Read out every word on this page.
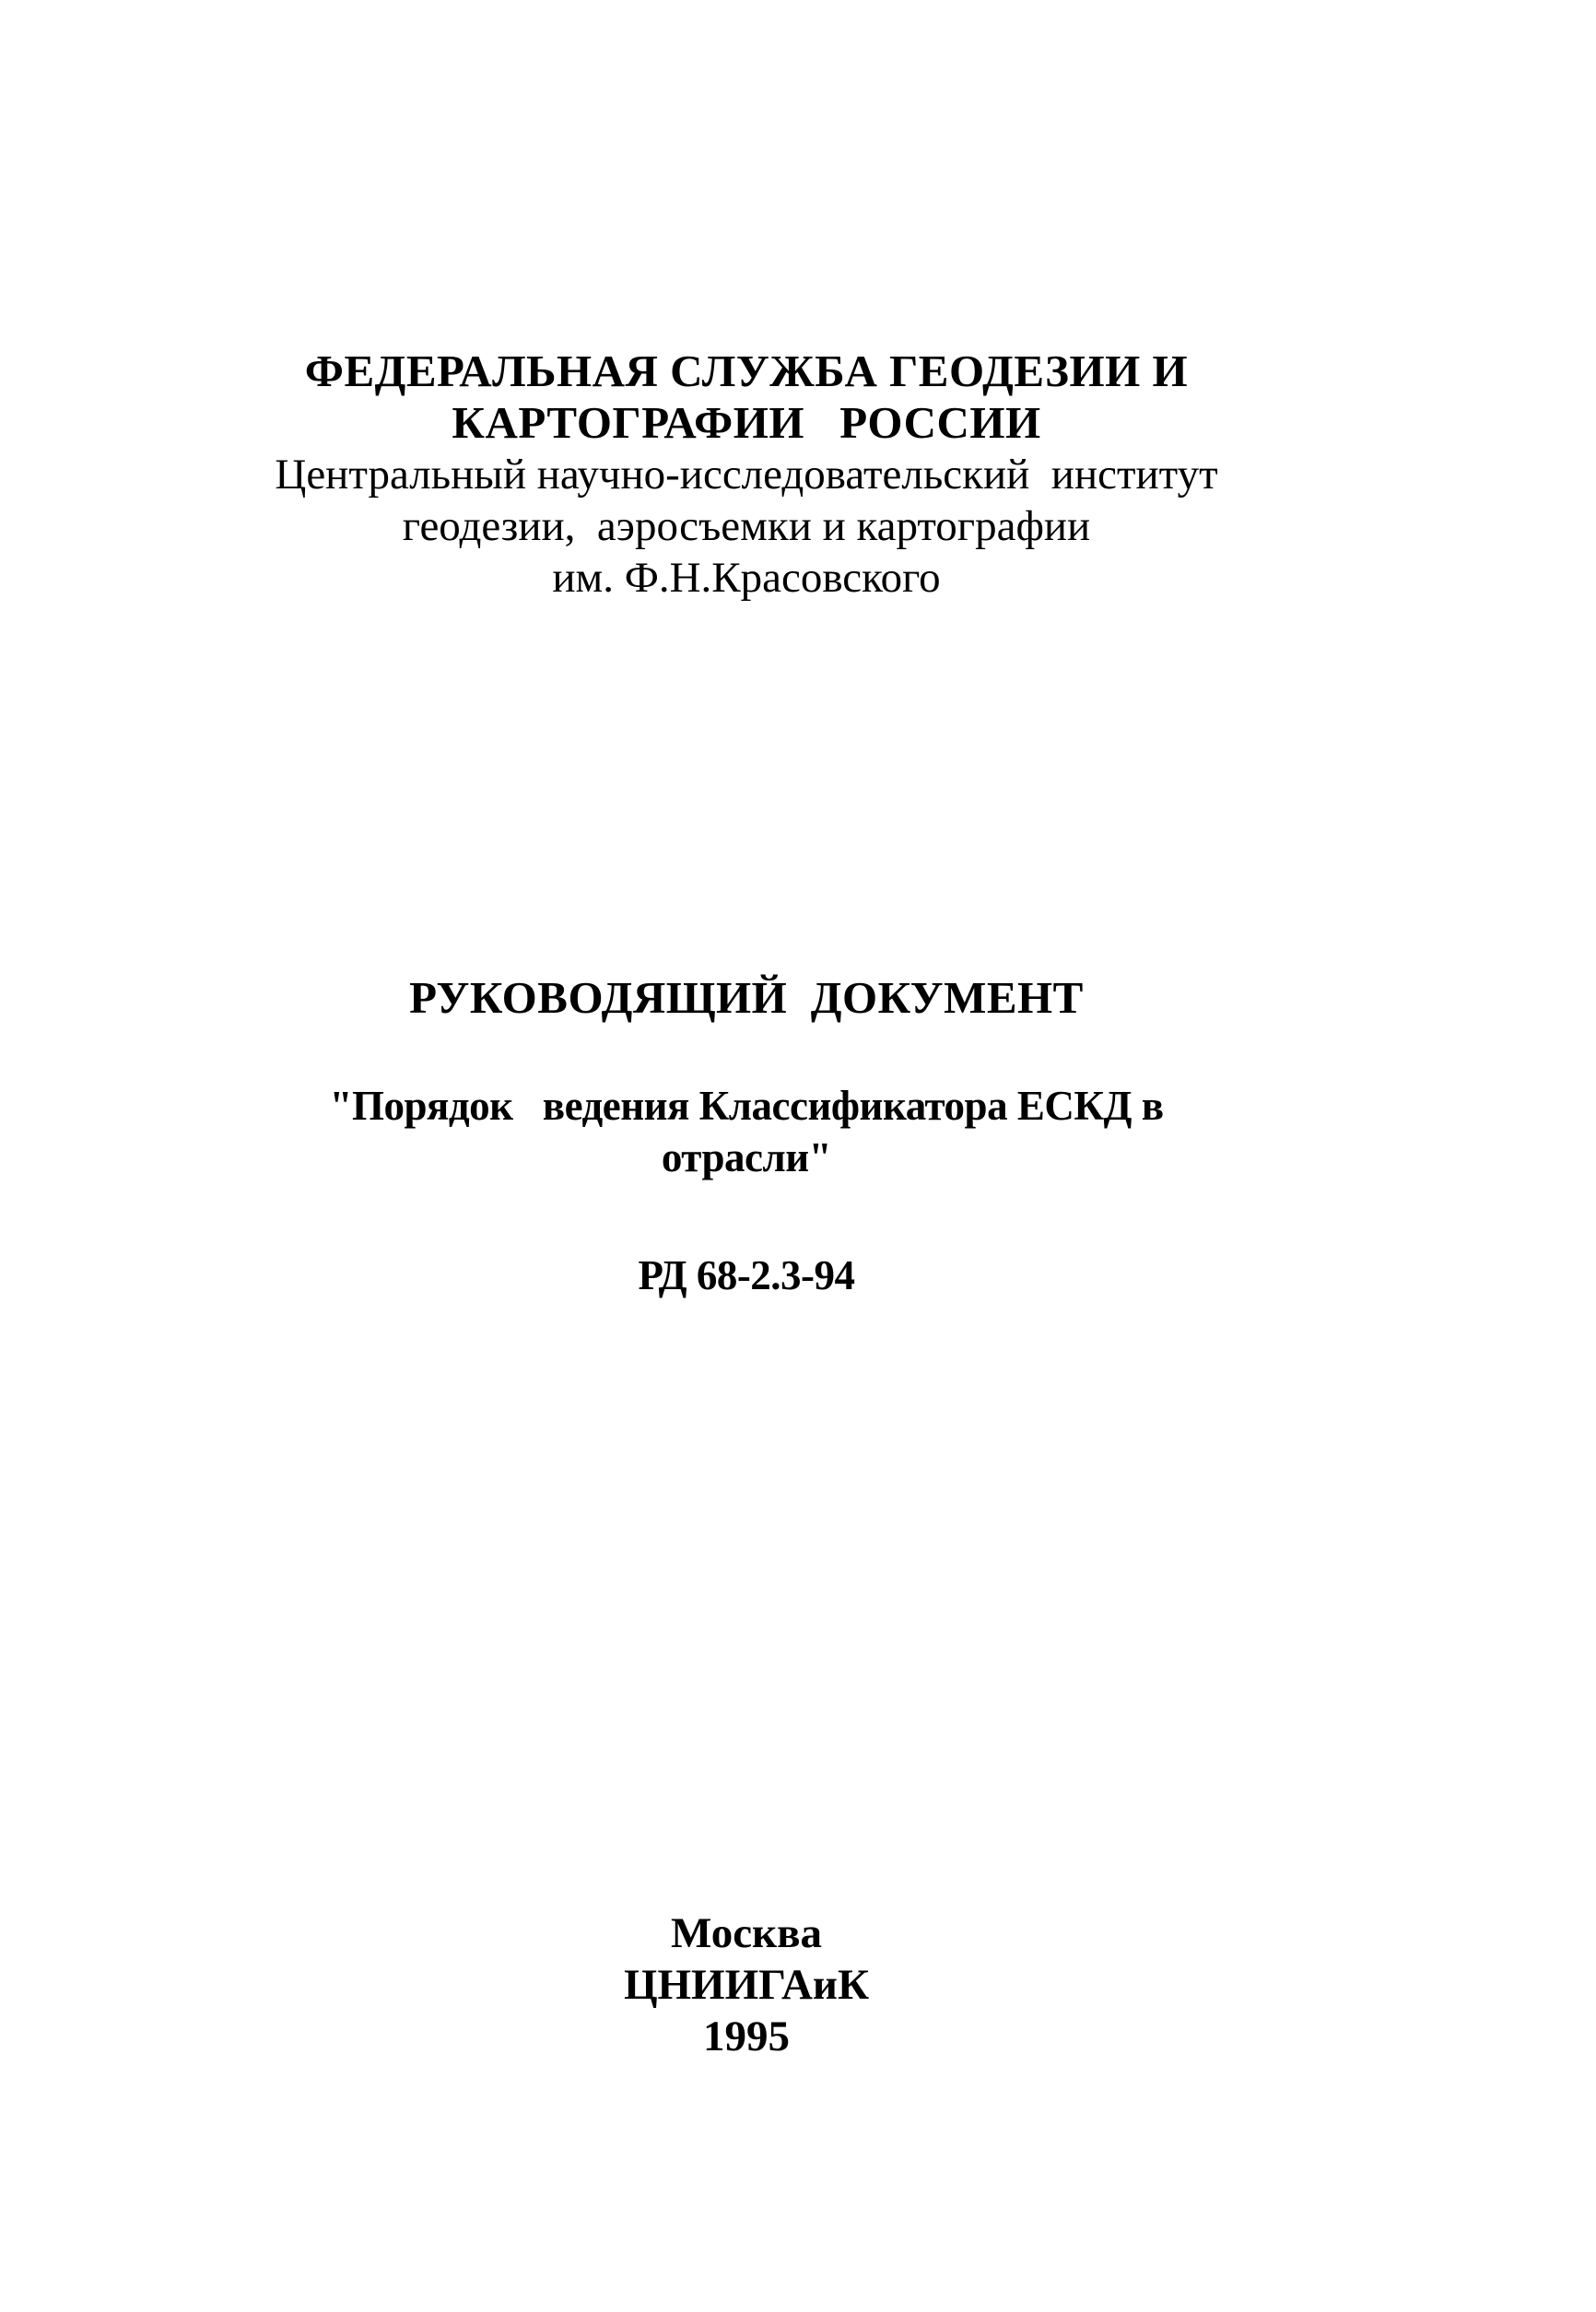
ФЕДЕРАЛЬНАЯ СЛУЖБА ГЕОДЕЗИИ И
КАРТОГРАФИИ   РОССИИ
Центральный научно-исследовательский  институт
геодезии,  аэросъемки и картографии
им. Ф.Н.Красовского
РУКОВОДЯЩИЙ  ДОКУМЕНТ
"Порядок   ведения Классификатора ЕСКД в
отрасли"
РД 68-2.3-94
Москва
ЦНИИГАиК
1995
